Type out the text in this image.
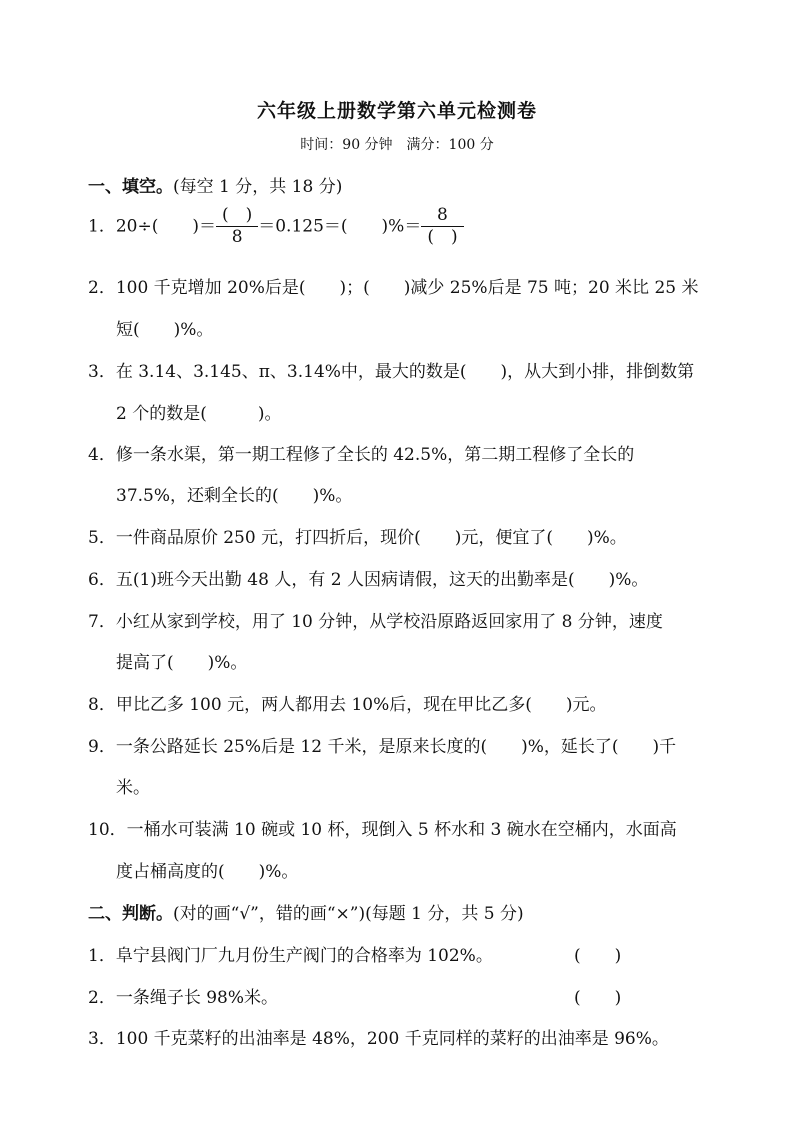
六年级上册数学第六单元检测卷
时间：90 分钟　满分：100 分
一、填空。(每空 1 分，共 18 分)
1．20÷(　　)＝ $\frac{( )}{8} =0.125=$(　　)%＝ $\frac{8}{( )}$
2．100 千克增加 20%后是(　　)；(　　)减少 25%后是 75 吨；20 米比 25 米
短(　　)%。
3．在 3.14、3.145、π、3.14%中，最大的数是(　　)，从大到小排，排倒数第
2 个的数是(　　　)。
4．修一条水渠，第一期工程修了全长的 42.5%，第二期工程修了全长的
37.5%，还剩全长的(　　)%。
5．一件商品原价 250 元，打四折后，现价(　　)元，便宜了(　　)%。
6．五(1)班今天出勤 48 人，有 2 人因病请假，这天的出勤率是(　　)%。
7．小红从家到学校，用了 10 分钟，从学校沿原路返回家用了 8 分钟，速度
提高了(　　)%。
8．甲比乙多 100 元，两人都用去 10%后，现在甲比乙多(　　)元。
9．一条公路延长 25%后是 12 千米，是原来长度的(　　)%，延长了(　　)千
米。
10．一桶水可装满 10 碗或 10 杯，现倒入 5 杯水和 3 碗水在空桶内，水面高
度占桶高度的(　　)%。
二、判断。(对的画“√”，错的画“×”)(每题 1 分，共 5 分)
1．阜宁县阀门厂九月份生产阀门的合格率为 102%。	(　　)
2．一条绳子长 98%米。	(　　)
3．100 千克菜籽的出油率是 48%，200 千克同样的菜籽的出油率是 96%。
